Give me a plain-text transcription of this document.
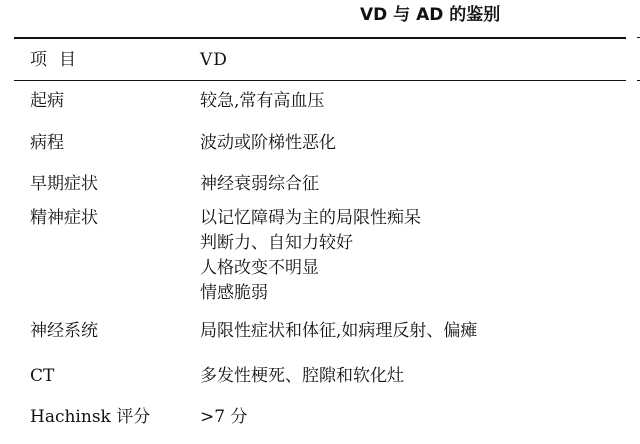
VD 与 AD 的鉴别
项目	VD
起病	较急,常有高血压
病程	波动或阶梯性恶化
早期症状	神经衰弱综合征
精神症状	以记忆障碍为主的局限性痴呆
判断力、自知力较好
人格改变不明显
情感脆弱
神经系统	局限性症状和体征,如病理反射、偏瘫
CT	多发性梗死、腔隙和软化灶
Hachinsk 评分	>7 分
